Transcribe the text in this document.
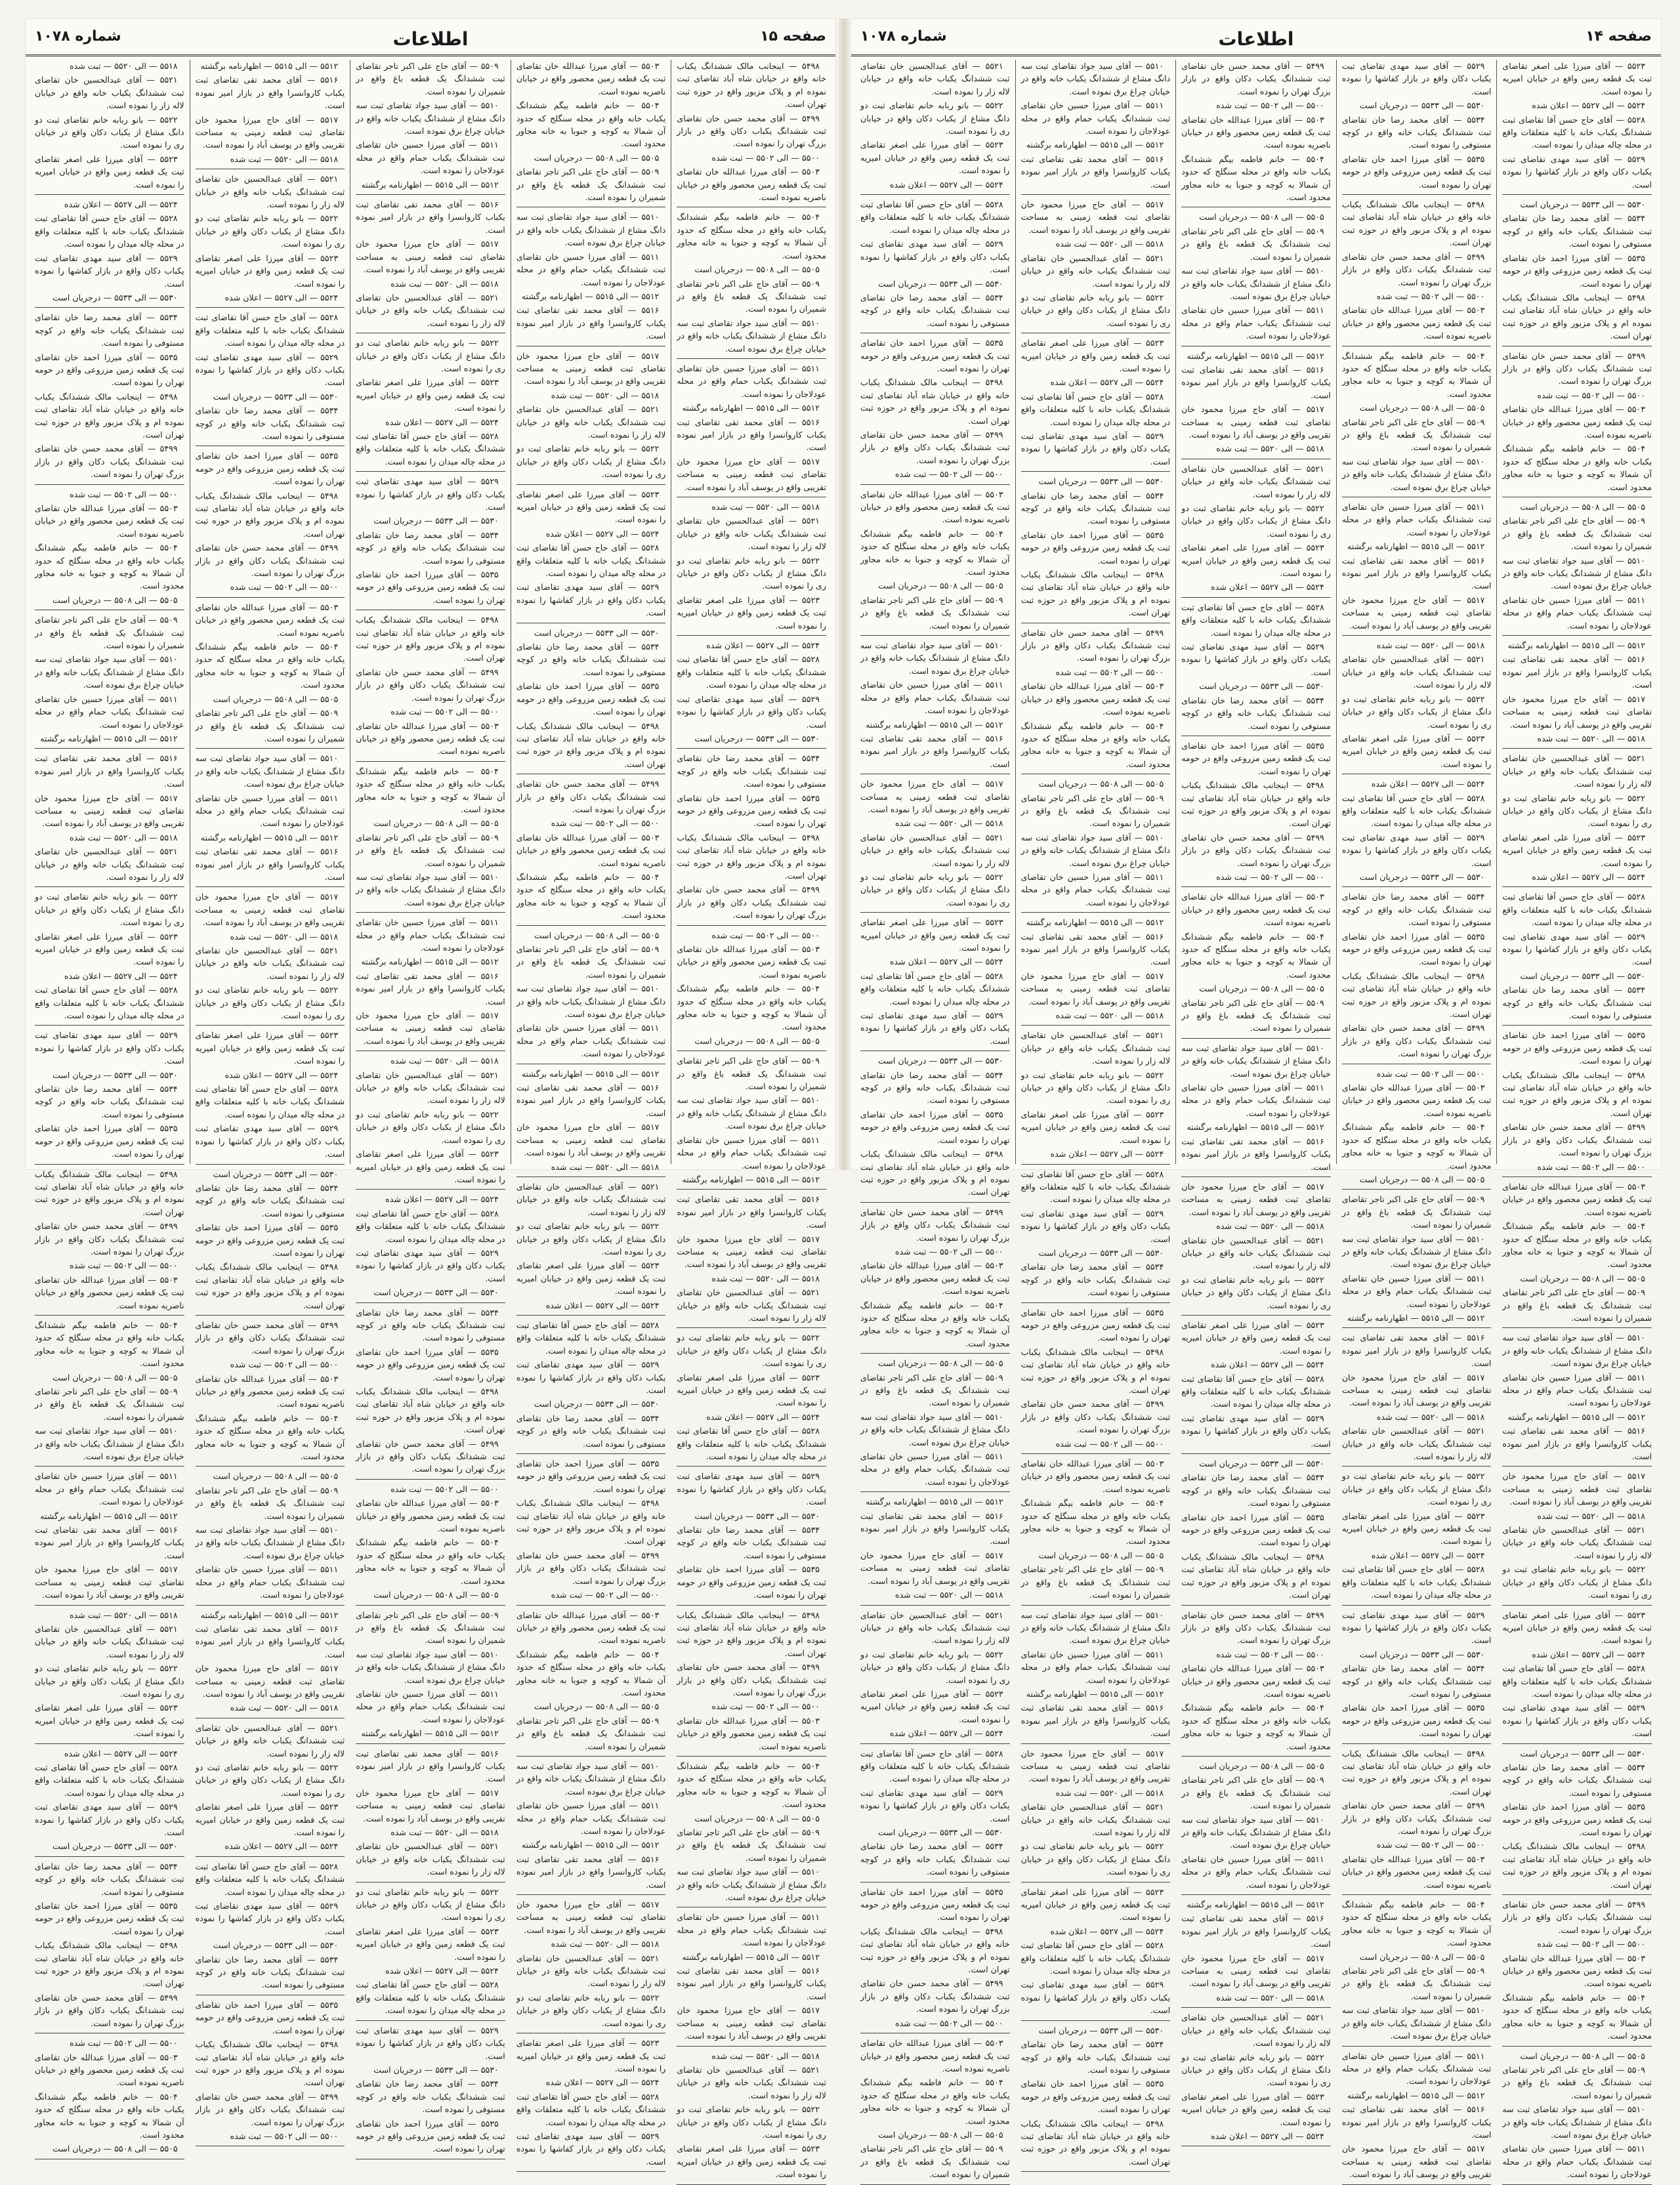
صفحه ۱۵
اطلاعات
شماره ۱۰۷۸

۵۴۹۸ — اینجانب مالک ششدانگ یکباب خانه واقع در خیابان شاه آباد تقاضای ثبت نموده ام و پلاک مزبور واقع در حوزه ثبت تهران است.

۵۴۹۹ — آقای محمد حسن خان تقاضای ثبت ششدانگ یکباب دکان واقع در بازار بزرگ تهران را نموده است.

۵۵۰۰ — الی ۵۵۰۲ — ثبت شده

۵۵۰۳ — آقای میرزا عبدالله خان تقاضای ثبت یک قطعه زمین محصور واقع در خیابان ناصریه نموده است.

۵۵۰۴ — خانم فاطمه بیگم ششدانگ یکباب خانه واقع در محله سنگلج که حدود آن شمالا به کوچه و جنوبا به خانه مجاور محدود است.

۵۵۰۵ — الی ۵۵۰۸ — درجریان است

۵۵۰۹ — آقای حاج علی اکبر تاجر تقاضای ثبت ششدانگ یک قطعه باغ واقع در شمیران را نموده است.

۵۵۱۰ — آقای سید جواد تقاضای ثبت سه دانگ مشاع از ششدانگ یکباب خانه واقع در خیابان چراغ برق نموده است.

۵۵۱۱ — آقای میرزا حسین خان تقاضای ثبت ششدانگ یکباب حمام واقع در محله عودلاجان را نموده است.

۵۵۱۲ — الی ۵۵۱۵ — اظهارنامه برگشته

۵۵۱۶ — آقای محمد تقی تقاضای ثبت یکباب کاروانسرا واقع در بازار امیر نموده است.

۵۵۱۷ — آقای حاج میرزا محمود خان تقاضای ثبت قطعه زمینی به مساحت تقریبی واقع در یوسف آباد را نموده است.

۵۵۱۸ — الی ۵۵۲۰ — ثبت شده

۵۵۲۱ — آقای عبدالحسین خان تقاضای ثبت ششدانگ یکباب خانه واقع در خیابان لاله زار را نموده است.

۵۵۲۲ — بانو ربابه خانم تقاضای ثبت دو دانگ مشاع از یکباب دکان واقع در خیابان ری را نموده است.

۵۵۲۳ — آقای میرزا علی اصغر تقاضای ثبت یک قطعه زمین واقع در خیابان امیریه را نموده است.

۵۵۲۴ — الی ۵۵۲۷ — اعلان شده

۵۵۲۸ — آقای حاج حسن آقا تقاضای ثبت ششدانگ یکباب خانه با کلیه متعلقات واقع در محله چاله میدان را نموده است.

۵۵۲۹ — آقای سید مهدی تقاضای ثبت یکباب دکان واقع در بازار کفاشها را نموده است.

۵۵۳۰ — الی ۵۵۳۳ — درجریان است

۵۵۳۴ — آقای محمد رضا خان تقاضای ثبت ششدانگ یکباب خانه واقع در کوچه مستوفی را نموده است.

۵۵۳۵ — آقای میرزا احمد خان تقاضای ثبت یک قطعه زمین مزروعی واقع در حومه تهران را نموده است.

۵۴۹۸ — اینجانب مالک ششدانگ یکباب خانه واقع در خیابان شاه آباد تقاضای ثبت نموده ام و پلاک مزبور واقع در حوزه ثبت تهران است.

۵۴۹۹ — آقای محمد حسن خان تقاضای ثبت ششدانگ یکباب دکان واقع در بازار بزرگ تهران را نموده است.

۵۵۰۰ — الی ۵۵۰۲ — ثبت شده

۵۵۰۳ — آقای میرزا عبدالله خان تقاضای ثبت یک قطعه زمین محصور واقع در خیابان ناصریه نموده است.

۵۵۰۴ — خانم فاطمه بیگم ششدانگ یکباب خانه واقع در محله سنگلج که حدود آن شمالا به کوچه و جنوبا به خانه مجاور محدود است.

۵۵۰۵ — الی ۵۵۰۸ — درجریان است

۵۵۰۹ — آقای حاج علی اکبر تاجر تقاضای ثبت ششدانگ یک قطعه باغ واقع در شمیران را نموده است.

۵۵۱۰ — آقای سید جواد تقاضای ثبت سه دانگ مشاع از ششدانگ یکباب خانه واقع در خیابان چراغ برق نموده است.

۵۵۱۱ — آقای میرزا حسین خان تقاضای ثبت ششدانگ یکباب حمام واقع در محله عودلاجان را نموده است.

۵۵۱۲ — الی ۵۵۱۵ — اظهارنامه برگشته

۵۵۱۶ — آقای محمد تقی تقاضای ثبت یکباب کاروانسرا واقع در بازار امیر نموده است.

۵۵۱۷ — آقای حاج میرزا محمود خان تقاضای ثبت قطعه زمینی به مساحت تقریبی واقع در یوسف آباد را نموده است.

۵۵۱۸ — الی ۵۵۲۰ — ثبت شده

۵۵۲۱ — آقای عبدالحسین خان تقاضای ثبت ششدانگ یکباب خانه واقع در خیابان لاله زار را نموده است.

۵۵۲۲ — بانو ربابه خانم تقاضای ثبت دو دانگ مشاع از یکباب دکان واقع در خیابان ری را نموده است.

۵۵۲۳ — آقای میرزا علی اصغر تقاضای ثبت یک قطعه زمین واقع در خیابان امیریه را نموده است.

۵۵۲۴ — الی ۵۵۲۷ — اعلان شده

۵۵۲۸ — آقای حاج حسن آقا تقاضای ثبت ششدانگ یکباب خانه با کلیه متعلقات واقع در محله چاله میدان را نموده است.

۵۵۲۹ — آقای سید مهدی تقاضای ثبت یکباب دکان واقع در بازار کفاشها را نموده است.

۵۵۳۰ — الی ۵۵۳۳ — درجریان است

۵۵۳۴ — آقای محمد رضا خان تقاضای ثبت ششدانگ یکباب خانه واقع در کوچه مستوفی را نموده است.

۵۵۳۵ — آقای میرزا احمد خان تقاضای ثبت یک قطعه زمین مزروعی واقع در حومه تهران را نموده است.

۵۴۹۸ — اینجانب مالک ششدانگ یکباب خانه واقع در خیابان شاه آباد تقاضای ثبت نموده ام و پلاک مزبور واقع در حوزه ثبت تهران است.

۵۴۹۹ — آقای محمد حسن خان تقاضای ثبت ششدانگ یکباب دکان واقع در بازار بزرگ تهران را نموده است.

۵۵۰۰ — الی ۵۵۰۲ — ثبت شده

۵۵۰۳ — آقای میرزا عبدالله خان تقاضای ثبت یک قطعه زمین محصور واقع در خیابان ناصریه نموده است.

۵۵۰۴ — خانم فاطمه بیگم ششدانگ یکباب خانه واقع در محله سنگلج که حدود آن شمالا به کوچه و جنوبا به خانه مجاور محدود است.

۵۵۰۵ — الی ۵۵۰۸ — درجریان است

۵۵۰۹ — آقای حاج علی اکبر تاجر تقاضای ثبت ششدانگ یک قطعه باغ واقع در شمیران را نموده است.

۵۵۱۰ — آقای سید جواد تقاضای ثبت سه دانگ مشاع از ششدانگ یکباب خانه واقع در خیابان چراغ برق نموده است.

۵۵۱۱ — آقای میرزا حسین خان تقاضای ثبت ششدانگ یکباب حمام واقع در محله عودلاجان را نموده است.

۵۵۱۲ — الی ۵۵۱۵ — اظهارنامه برگشته

۵۵۱۶ — آقای محمد تقی تقاضای ثبت یکباب کاروانسرا واقع در بازار امیر نموده است.

۵۵۱۷ — آقای حاج میرزا محمود خان تقاضای ثبت قطعه زمینی به مساحت تقریبی واقع در یوسف آباد را نموده است.

۵۵۱۸ — الی ۵۵۲۰ — ثبت شده

۵۵۲۱ — آقای عبدالحسین خان تقاضای ثبت ششدانگ یکباب خانه واقع در خیابان لاله زار را نموده است.

۵۵۲۲ — بانو ربابه خانم تقاضای ثبت دو دانگ مشاع از یکباب دکان واقع در خیابان ری را نموده است.

۵۵۲۳ — آقای میرزا علی اصغر تقاضای ثبت یک قطعه زمین واقع در خیابان امیریه را نموده است.

۵۵۰۳ — آقای میرزا عبدالله خان تقاضای ثبت یک قطعه زمین محصور واقع در خیابان ناصریه نموده است.

۵۵۰۴ — خانم فاطمه بیگم ششدانگ یکباب خانه واقع در محله سنگلج که حدود آن شمالا به کوچه و جنوبا به خانه مجاور محدود است.

۵۵۰۵ — الی ۵۵۰۸ — درجریان است

۵۵۰۹ — آقای حاج علی اکبر تاجر تقاضای ثبت ششدانگ یک قطعه باغ واقع در شمیران را نموده است.

۵۵۱۰ — آقای سید جواد تقاضای ثبت سه دانگ مشاع از ششدانگ یکباب خانه واقع در خیابان چراغ برق نموده است.

۵۵۱۱ — آقای میرزا حسین خان تقاضای ثبت ششدانگ یکباب حمام واقع در محله عودلاجان را نموده است.

۵۵۱۲ — الی ۵۵۱۵ — اظهارنامه برگشته

۵۵۱۶ — آقای محمد تقی تقاضای ثبت یکباب کاروانسرا واقع در بازار امیر نموده است.

۵۵۱۷ — آقای حاج میرزا محمود خان تقاضای ثبت قطعه زمینی به مساحت تقریبی واقع در یوسف آباد را نموده است.

۵۵۱۸ — الی ۵۵۲۰ — ثبت شده

۵۵۲۱ — آقای عبدالحسین خان تقاضای ثبت ششدانگ یکباب خانه واقع در خیابان لاله زار را نموده است.

۵۵۲۲ — بانو ربابه خانم تقاضای ثبت دو دانگ مشاع از یکباب دکان واقع در خیابان ری را نموده است.

۵۵۲۳ — آقای میرزا علی اصغر تقاضای ثبت یک قطعه زمین واقع در خیابان امیریه را نموده است.

۵۵۲۴ — الی ۵۵۲۷ — اعلان شده

۵۵۲۸ — آقای حاج حسن آقا تقاضای ثبت ششدانگ یکباب خانه با کلیه متعلقات واقع در محله چاله میدان را نموده است.

۵۵۲۹ — آقای سید مهدی تقاضای ثبت یکباب دکان واقع در بازار کفاشها را نموده است.

۵۵۳۰ — الی ۵۵۳۳ — درجریان است

۵۵۳۴ — آقای محمد رضا خان تقاضای ثبت ششدانگ یکباب خانه واقع در کوچه مستوفی را نموده است.

۵۵۳۵ — آقای میرزا احمد خان تقاضای ثبت یک قطعه زمین مزروعی واقع در حومه تهران را نموده است.

۵۴۹۸ — اینجانب مالک ششدانگ یکباب خانه واقع در خیابان شاه آباد تقاضای ثبت نموده ام و پلاک مزبور واقع در حوزه ثبت تهران است.

۵۴۹۹ — آقای محمد حسن خان تقاضای ثبت ششدانگ یکباب دکان واقع در بازار بزرگ تهران را نموده است.

۵۵۰۰ — الی ۵۵۰۲ — ثبت شده

۵۵۰۳ — آقای میرزا عبدالله خان تقاضای ثبت یک قطعه زمین محصور واقع در خیابان ناصریه نموده است.

۵۵۰۴ — خانم فاطمه بیگم ششدانگ یکباب خانه واقع در محله سنگلج که حدود آن شمالا به کوچه و جنوبا به خانه مجاور محدود است.

۵۵۰۵ — الی ۵۵۰۸ — درجریان است

۵۵۰۹ — آقای حاج علی اکبر تاجر تقاضای ثبت ششدانگ یک قطعه باغ واقع در شمیران را نموده است.

۵۵۱۰ — آقای سید جواد تقاضای ثبت سه دانگ مشاع از ششدانگ یکباب خانه واقع در خیابان چراغ برق نموده است.

۵۵۱۱ — آقای میرزا حسین خان تقاضای ثبت ششدانگ یکباب حمام واقع در محله عودلاجان را نموده است.

۵۵۱۲ — الی ۵۵۱۵ — اظهارنامه برگشته

۵۵۱۶ — آقای محمد تقی تقاضای ثبت یکباب کاروانسرا واقع در بازار امیر نموده است.

۵۵۱۷ — آقای حاج میرزا محمود خان تقاضای ثبت قطعه زمینی به مساحت تقریبی واقع در یوسف آباد را نموده است.

۵۵۱۸ — الی ۵۵۲۰ — ثبت شده

۵۵۲۱ — آقای عبدالحسین خان تقاضای ثبت ششدانگ یکباب خانه واقع در خیابان لاله زار را نموده است.

۵۵۲۲ — بانو ربابه خانم تقاضای ثبت دو دانگ مشاع از یکباب دکان واقع در خیابان ری را نموده است.

۵۵۲۳ — آقای میرزا علی اصغر تقاضای ثبت یک قطعه زمین واقع در خیابان امیریه را نموده است.

۵۵۲۴ — الی ۵۵۲۷ — اعلان شده

۵۵۲۸ — آقای حاج حسن آقا تقاضای ثبت ششدانگ یکباب خانه با کلیه متعلقات واقع در محله چاله میدان را نموده است.

۵۵۲۹ — آقای سید مهدی تقاضای ثبت یکباب دکان واقع در بازار کفاشها را نموده است.

۵۵۳۰ — الی ۵۵۳۳ — درجریان است

۵۵۳۴ — آقای محمد رضا خان تقاضای ثبت ششدانگ یکباب خانه واقع در کوچه مستوفی را نموده است.

۵۵۳۵ — آقای میرزا احمد خان تقاضای ثبت یک قطعه زمین مزروعی واقع در حومه تهران را نموده است.

۵۴۹۸ — اینجانب مالک ششدانگ یکباب خانه واقع در خیابان شاه آباد تقاضای ثبت نموده ام و پلاک مزبور واقع در حوزه ثبت تهران است.

۵۴۹۹ — آقای محمد حسن خان تقاضای ثبت ششدانگ یکباب دکان واقع در بازار بزرگ تهران را نموده است.

۵۵۰۰ — الی ۵۵۰۲ — ثبت شده

۵۵۰۳ — آقای میرزا عبدالله خان تقاضای ثبت یک قطعه زمین محصور واقع در خیابان ناصریه نموده است.

۵۵۰۴ — خانم فاطمه بیگم ششدانگ یکباب خانه واقع در محله سنگلج که حدود آن شمالا به کوچه و جنوبا به خانه مجاور محدود است.

۵۵۰۵ — الی ۵۵۰۸ — درجریان است

۵۵۰۹ — آقای حاج علی اکبر تاجر تقاضای ثبت ششدانگ یک قطعه باغ واقع در شمیران را نموده است.

۵۵۱۰ — آقای سید جواد تقاضای ثبت سه دانگ مشاع از ششدانگ یکباب خانه واقع در خیابان چراغ برق نموده است.

۵۵۱۱ — آقای میرزا حسین خان تقاضای ثبت ششدانگ یکباب حمام واقع در محله عودلاجان را نموده است.

۵۵۱۲ — الی ۵۵۱۵ — اظهارنامه برگشته

۵۵۱۶ — آقای محمد تقی تقاضای ثبت یکباب کاروانسرا واقع در بازار امیر نموده است.

۵۵۱۷ — آقای حاج میرزا محمود خان تقاضای ثبت قطعه زمینی به مساحت تقریبی واقع در یوسف آباد را نموده است.

۵۵۱۸ — الی ۵۵۲۰ — ثبت شده

۵۵۲۱ — آقای عبدالحسین خان تقاضای ثبت ششدانگ یکباب خانه واقع در خیابان لاله زار را نموده است.

۵۵۲۲ — بانو ربابه خانم تقاضای ثبت دو دانگ مشاع از یکباب دکان واقع در خیابان ری را نموده است.

۵۵۲۳ — آقای میرزا علی اصغر تقاضای ثبت یک قطعه زمین واقع در خیابان امیریه را نموده است.

۵۵۲۴ — الی ۵۵۲۷ — اعلان شده

۵۵۲۸ — آقای حاج حسن آقا تقاضای ثبت ششدانگ یکباب خانه با کلیه متعلقات واقع در محله چاله میدان را نموده است.

۵۵۲۹ — آقای سید مهدی تقاضای ثبت یکباب دکان واقع در بازار کفاشها را نموده است.

۵۵۰۹ — آقای حاج علی اکبر تاجر تقاضای ثبت ششدانگ یک قطعه باغ واقع در شمیران را نموده است.

۵۵۱۰ — آقای سید جواد تقاضای ثبت سه دانگ مشاع از ششدانگ یکباب خانه واقع در خیابان چراغ برق نموده است.

۵۵۱۱ — آقای میرزا حسین خان تقاضای ثبت ششدانگ یکباب حمام واقع در محله عودلاجان را نموده است.

۵۵۱۲ — الی ۵۵۱۵ — اظهارنامه برگشته

۵۵۱۶ — آقای محمد تقی تقاضای ثبت یکباب کاروانسرا واقع در بازار امیر نموده است.

۵۵۱۷ — آقای حاج میرزا محمود خان تقاضای ثبت قطعه زمینی به مساحت تقریبی واقع در یوسف آباد را نموده است.

۵۵۱۸ — الی ۵۵۲۰ — ثبت شده

۵۵۲۱ — آقای عبدالحسین خان تقاضای ثبت ششدانگ یکباب خانه واقع در خیابان لاله زار را نموده است.

۵۵۲۲ — بانو ربابه خانم تقاضای ثبت دو دانگ مشاع از یکباب دکان واقع در خیابان ری را نموده است.

۵۵۲۳ — آقای میرزا علی اصغر تقاضای ثبت یک قطعه زمین واقع در خیابان امیریه را نموده است.

۵۵۲۴ — الی ۵۵۲۷ — اعلان شده

۵۵۲۸ — آقای حاج حسن آقا تقاضای ثبت ششدانگ یکباب خانه با کلیه متعلقات واقع در محله چاله میدان را نموده است.

۵۵۲۹ — آقای سید مهدی تقاضای ثبت یکباب دکان واقع در بازار کفاشها را نموده است.

۵۵۳۰ — الی ۵۵۳۳ — درجریان است

۵۵۳۴ — آقای محمد رضا خان تقاضای ثبت ششدانگ یکباب خانه واقع در کوچه مستوفی را نموده است.

۵۵۳۵ — آقای میرزا احمد خان تقاضای ثبت یک قطعه زمین مزروعی واقع در حومه تهران را نموده است.

۵۴۹۸ — اینجانب مالک ششدانگ یکباب خانه واقع در خیابان شاه آباد تقاضای ثبت نموده ام و پلاک مزبور واقع در حوزه ثبت تهران است.

۵۴۹۹ — آقای محمد حسن خان تقاضای ثبت ششدانگ یکباب دکان واقع در بازار بزرگ تهران را نموده است.

۵۵۰۰ — الی ۵۵۰۲ — ثبت شده

۵۵۰۳ — آقای میرزا عبدالله خان تقاضای ثبت یک قطعه زمین محصور واقع در خیابان ناصریه نموده است.

۵۵۰۴ — خانم فاطمه بیگم ششدانگ یکباب خانه واقع در محله سنگلج که حدود آن شمالا به کوچه و جنوبا به خانه مجاور محدود است.

۵۵۰۵ — الی ۵۵۰۸ — درجریان است

۵۵۰۹ — آقای حاج علی اکبر تاجر تقاضای ثبت ششدانگ یک قطعه باغ واقع در شمیران را نموده است.

۵۵۱۰ — آقای سید جواد تقاضای ثبت سه دانگ مشاع از ششدانگ یکباب خانه واقع در خیابان چراغ برق نموده است.

۵۵۱۱ — آقای میرزا حسین خان تقاضای ثبت ششدانگ یکباب حمام واقع در محله عودلاجان را نموده است.

۵۵۱۲ — الی ۵۵۱۵ — اظهارنامه برگشته

۵۵۱۶ — آقای محمد تقی تقاضای ثبت یکباب کاروانسرا واقع در بازار امیر نموده است.

۵۵۱۷ — آقای حاج میرزا محمود خان تقاضای ثبت قطعه زمینی به مساحت تقریبی واقع در یوسف آباد را نموده است.

۵۵۱۸ — الی ۵۵۲۰ — ثبت شده

۵۵۲۱ — آقای عبدالحسین خان تقاضای ثبت ششدانگ یکباب خانه واقع در خیابان لاله زار را نموده است.

۵۵۲۲ — بانو ربابه خانم تقاضای ثبت دو دانگ مشاع از یکباب دکان واقع در خیابان ری را نموده است.

۵۵۲۳ — آقای میرزا علی اصغر تقاضای ثبت یک قطعه زمین واقع در خیابان امیریه را نموده است.

۵۵۲۴ — الی ۵۵۲۷ — اعلان شده

۵۵۲۸ — آقای حاج حسن آقا تقاضای ثبت ششدانگ یکباب خانه با کلیه متعلقات واقع در محله چاله میدان را نموده است.

۵۵۲۹ — آقای سید مهدی تقاضای ثبت یکباب دکان واقع در بازار کفاشها را نموده است.

۵۵۳۰ — الی ۵۵۳۳ — درجریان است

۵۵۳۴ — آقای محمد رضا خان تقاضای ثبت ششدانگ یکباب خانه واقع در کوچه مستوفی را نموده است.

۵۵۳۵ — آقای میرزا احمد خان تقاضای ثبت یک قطعه زمین مزروعی واقع در حومه تهران را نموده است.

۵۴۹۸ — اینجانب مالک ششدانگ یکباب خانه واقع در خیابان شاه آباد تقاضای ثبت نموده ام و پلاک مزبور واقع در حوزه ثبت تهران است.

۵۴۹۹ — آقای محمد حسن خان تقاضای ثبت ششدانگ یکباب دکان واقع در بازار بزرگ تهران را نموده است.

۵۵۰۰ — الی ۵۵۰۲ — ثبت شده

۵۵۰۳ — آقای میرزا عبدالله خان تقاضای ثبت یک قطعه زمین محصور واقع در خیابان ناصریه نموده است.

۵۵۰۴ — خانم فاطمه بیگم ششدانگ یکباب خانه واقع در محله سنگلج که حدود آن شمالا به کوچه و جنوبا به خانه مجاور محدود است.

۵۵۰۵ — الی ۵۵۰۸ — درجریان است

۵۵۰۹ — آقای حاج علی اکبر تاجر تقاضای ثبت ششدانگ یک قطعه باغ واقع در شمیران را نموده است.

۵۵۱۰ — آقای سید جواد تقاضای ثبت سه دانگ مشاع از ششدانگ یکباب خانه واقع در خیابان چراغ برق نموده است.

۵۵۱۱ — آقای میرزا حسین خان تقاضای ثبت ششدانگ یکباب حمام واقع در محله عودلاجان را نموده است.

۵۵۱۲ — الی ۵۵۱۵ — اظهارنامه برگشته

۵۵۱۶ — آقای محمد تقی تقاضای ثبت یکباب کاروانسرا واقع در بازار امیر نموده است.

۵۵۱۷ — آقای حاج میرزا محمود خان تقاضای ثبت قطعه زمینی به مساحت تقریبی واقع در یوسف آباد را نموده است.

۵۵۱۸ — الی ۵۵۲۰ — ثبت شده

۵۵۲۱ — آقای عبدالحسین خان تقاضای ثبت ششدانگ یکباب خانه واقع در خیابان لاله زار را نموده است.

۵۵۲۲ — بانو ربابه خانم تقاضای ثبت دو دانگ مشاع از یکباب دکان واقع در خیابان ری را نموده است.

۵۵۲۳ — آقای میرزا علی اصغر تقاضای ثبت یک قطعه زمین واقع در خیابان امیریه را نموده است.

۵۵۲۴ — الی ۵۵۲۷ — اعلان شده

۵۵۲۸ — آقای حاج حسن آقا تقاضای ثبت ششدانگ یکباب خانه با کلیه متعلقات واقع در محله چاله میدان را نموده است.

۵۵۲۹ — آقای سید مهدی تقاضای ثبت یکباب دکان واقع در بازار کفاشها را نموده است.

۵۵۳۰ — الی ۵۵۳۳ — درجریان است

۵۵۳۴ — آقای محمد رضا خان تقاضای ثبت ششدانگ یکباب خانه واقع در کوچه مستوفی را نموده است.

۵۵۳۵ — آقای میرزا احمد خان تقاضای ثبت یک قطعه زمین مزروعی واقع در حومه تهران را نموده است.

۵۵۱۲ — الی ۵۵۱۵ — اظهارنامه برگشته

۵۵۱۶ — آقای محمد تقی تقاضای ثبت یکباب کاروانسرا واقع در بازار امیر نموده است.

۵۵۱۷ — آقای حاج میرزا محمود خان تقاضای ثبت قطعه زمینی به مساحت تقریبی واقع در یوسف آباد را نموده است.

۵۵۱۸ — الی ۵۵۲۰ — ثبت شده

۵۵۲۱ — آقای عبدالحسین خان تقاضای ثبت ششدانگ یکباب خانه واقع در خیابان لاله زار را نموده است.

۵۵۲۲ — بانو ربابه خانم تقاضای ثبت دو دانگ مشاع از یکباب دکان واقع در خیابان ری را نموده است.

۵۵۲۳ — آقای میرزا علی اصغر تقاضای ثبت یک قطعه زمین واقع در خیابان امیریه را نموده است.

۵۵۲۴ — الی ۵۵۲۷ — اعلان شده

۵۵۲۸ — آقای حاج حسن آقا تقاضای ثبت ششدانگ یکباب خانه با کلیه متعلقات واقع در محله چاله میدان را نموده است.

۵۵۲۹ — آقای سید مهدی تقاضای ثبت یکباب دکان واقع در بازار کفاشها را نموده است.

۵۵۳۰ — الی ۵۵۳۳ — درجریان است

۵۵۳۴ — آقای محمد رضا خان تقاضای ثبت ششدانگ یکباب خانه واقع در کوچه مستوفی را نموده است.

۵۵۳۵ — آقای میرزا احمد خان تقاضای ثبت یک قطعه زمین مزروعی واقع در حومه تهران را نموده است.

۵۴۹۸ — اینجانب مالک ششدانگ یکباب خانه واقع در خیابان شاه آباد تقاضای ثبت نموده ام و پلاک مزبور واقع در حوزه ثبت تهران است.

۵۴۹۹ — آقای محمد حسن خان تقاضای ثبت ششدانگ یکباب دکان واقع در بازار بزرگ تهران را نموده است.

۵۵۰۰ — الی ۵۵۰۲ — ثبت شده

۵۵۰۳ — آقای میرزا عبدالله خان تقاضای ثبت یک قطعه زمین محصور واقع در خیابان ناصریه نموده است.

۵۵۰۴ — خانم فاطمه بیگم ششدانگ یکباب خانه واقع در محله سنگلج که حدود آن شمالا به کوچه و جنوبا به خانه مجاور محدود است.

۵۵۰۵ — الی ۵۵۰۸ — درجریان است

۵۵۰۹ — آقای حاج علی اکبر تاجر تقاضای ثبت ششدانگ یک قطعه باغ واقع در شمیران را نموده است.

۵۵۱۰ — آقای سید جواد تقاضای ثبت سه دانگ مشاع از ششدانگ یکباب خانه واقع در خیابان چراغ برق نموده است.

۵۵۱۱ — آقای میرزا حسین خان تقاضای ثبت ششدانگ یکباب حمام واقع در محله عودلاجان را نموده است.

۵۵۱۲ — الی ۵۵۱۵ — اظهارنامه برگشته

۵۵۱۶ — آقای محمد تقی تقاضای ثبت یکباب کاروانسرا واقع در بازار امیر نموده است.

۵۵۱۷ — آقای حاج میرزا محمود خان تقاضای ثبت قطعه زمینی به مساحت تقریبی واقع در یوسف آباد را نموده است.

۵۵۱۸ — الی ۵۵۲۰ — ثبت شده

۵۵۲۱ — آقای عبدالحسین خان تقاضای ثبت ششدانگ یکباب خانه واقع در خیابان لاله زار را نموده است.

۵۵۲۲ — بانو ربابه خانم تقاضای ثبت دو دانگ مشاع از یکباب دکان واقع در خیابان ری را نموده است.

۵۵۲۳ — آقای میرزا علی اصغر تقاضای ثبت یک قطعه زمین واقع در خیابان امیریه را نموده است.

۵۵۲۴ — الی ۵۵۲۷ — اعلان شده

۵۵۲۸ — آقای حاج حسن آقا تقاضای ثبت ششدانگ یکباب خانه با کلیه متعلقات واقع در محله چاله میدان را نموده است.

۵۵۲۹ — آقای سید مهدی تقاضای ثبت یکباب دکان واقع در بازار کفاشها را نموده است.

۵۵۳۰ — الی ۵۵۳۳ — درجریان است

۵۵۳۴ — آقای محمد رضا خان تقاضای ثبت ششدانگ یکباب خانه واقع در کوچه مستوفی را نموده است.

۵۵۳۵ — آقای میرزا احمد خان تقاضای ثبت یک قطعه زمین مزروعی واقع در حومه تهران را نموده است.

۵۴۹۸ — اینجانب مالک ششدانگ یکباب خانه واقع در خیابان شاه آباد تقاضای ثبت نموده ام و پلاک مزبور واقع در حوزه ثبت تهران است.

۵۴۹۹ — آقای محمد حسن خان تقاضای ثبت ششدانگ یکباب دکان واقع در بازار بزرگ تهران را نموده است.

۵۵۰۰ — الی ۵۵۰۲ — ثبت شده

۵۵۰۳ — آقای میرزا عبدالله خان تقاضای ثبت یک قطعه زمین محصور واقع در خیابان ناصریه نموده است.

۵۵۰۴ — خانم فاطمه بیگم ششدانگ یکباب خانه واقع در محله سنگلج که حدود آن شمالا به کوچه و جنوبا به خانه مجاور محدود است.

۵۵۰۵ — الی ۵۵۰۸ — درجریان است

۵۵۰۹ — آقای حاج علی اکبر تاجر تقاضای ثبت ششدانگ یک قطعه باغ واقع در شمیران را نموده است.

۵۵۱۰ — آقای سید جواد تقاضای ثبت سه دانگ مشاع از ششدانگ یکباب خانه واقع در خیابان چراغ برق نموده است.

۵۵۱۱ — آقای میرزا حسین خان تقاضای ثبت ششدانگ یکباب حمام واقع در محله عودلاجان را نموده است.

۵۵۱۲ — الی ۵۵۱۵ — اظهارنامه برگشته

۵۵۱۶ — آقای محمد تقی تقاضای ثبت یکباب کاروانسرا واقع در بازار امیر نموده است.

۵۵۱۷ — آقای حاج میرزا محمود خان تقاضای ثبت قطعه زمینی به مساحت تقریبی واقع در یوسف آباد را نموده است.

۵۵۱۸ — الی ۵۵۲۰ — ثبت شده

۵۵۲۱ — آقای عبدالحسین خان تقاضای ثبت ششدانگ یکباب خانه واقع در خیابان لاله زار را نموده است.

۵۵۲۲ — بانو ربابه خانم تقاضای ثبت دو دانگ مشاع از یکباب دکان واقع در خیابان ری را نموده است.

۵۵۲۳ — آقای میرزا علی اصغر تقاضای ثبت یک قطعه زمین واقع در خیابان امیریه را نموده است.

۵۵۲۴ — الی ۵۵۲۷ — اعلان شده

۵۵۲۸ — آقای حاج حسن آقا تقاضای ثبت ششدانگ یکباب خانه با کلیه متعلقات واقع در محله چاله میدان را نموده است.

۵۵۲۹ — آقای سید مهدی تقاضای ثبت یکباب دکان واقع در بازار کفاشها را نموده است.

۵۵۳۰ — الی ۵۵۳۳ — درجریان است

۵۵۳۴ — آقای محمد رضا خان تقاضای ثبت ششدانگ یکباب خانه واقع در کوچه مستوفی را نموده است.

۵۵۳۵ — آقای میرزا احمد خان تقاضای ثبت یک قطعه زمین مزروعی واقع در حومه تهران را نموده است.

۵۴۹۸ — اینجانب مالک ششدانگ یکباب خانه واقع در خیابان شاه آباد تقاضای ثبت نموده ام و پلاک مزبور واقع در حوزه ثبت تهران است.

۵۴۹۹ — آقای محمد حسن خان تقاضای ثبت ششدانگ یکباب دکان واقع در بازار بزرگ تهران را نموده است.

۵۵۰۰ — الی ۵۵۰۲ — ثبت شده

۵۵۱۸ — الی ۵۵۲۰ — ثبت شده

۵۵۲۱ — آقای عبدالحسین خان تقاضای ثبت ششدانگ یکباب خانه واقع در خیابان لاله زار را نموده است.

۵۵۲۲ — بانو ربابه خانم تقاضای ثبت دو دانگ مشاع از یکباب دکان واقع در خیابان ری را نموده است.

۵۵۲۳ — آقای میرزا علی اصغر تقاضای ثبت یک قطعه زمین واقع در خیابان امیریه را نموده است.

۵۵۲۴ — الی ۵۵۲۷ — اعلان شده

۵۵۲۸ — آقای حاج حسن آقا تقاضای ثبت ششدانگ یکباب خانه با کلیه متعلقات واقع در محله چاله میدان را نموده است.

۵۵۲۹ — آقای سید مهدی تقاضای ثبت یکباب دکان واقع در بازار کفاشها را نموده است.

۵۵۳۰ — الی ۵۵۳۳ — درجریان است

۵۵۳۴ — آقای محمد رضا خان تقاضای ثبت ششدانگ یکباب خانه واقع در کوچه مستوفی را نموده است.

۵۵۳۵ — آقای میرزا احمد خان تقاضای ثبت یک قطعه زمین مزروعی واقع در حومه تهران را نموده است.

۵۴۹۸ — اینجانب مالک ششدانگ یکباب خانه واقع در خیابان شاه آباد تقاضای ثبت نموده ام و پلاک مزبور واقع در حوزه ثبت تهران است.

۵۴۹۹ — آقای محمد حسن خان تقاضای ثبت ششدانگ یکباب دکان واقع در بازار بزرگ تهران را نموده است.

۵۵۰۰ — الی ۵۵۰۲ — ثبت شده

۵۵۰۳ — آقای میرزا عبدالله خان تقاضای ثبت یک قطعه زمین محصور واقع در خیابان ناصریه نموده است.

۵۵۰۴ — خانم فاطمه بیگم ششدانگ یکباب خانه واقع در محله سنگلج که حدود آن شمالا به کوچه و جنوبا به خانه مجاور محدود است.

۵۵۰۵ — الی ۵۵۰۸ — درجریان است

۵۵۰۹ — آقای حاج علی اکبر تاجر تقاضای ثبت ششدانگ یک قطعه باغ واقع در شمیران را نموده است.

۵۵۱۰ — آقای سید جواد تقاضای ثبت سه دانگ مشاع از ششدانگ یکباب خانه واقع در خیابان چراغ برق نموده است.

۵۵۱۱ — آقای میرزا حسین خان تقاضای ثبت ششدانگ یکباب حمام واقع در محله عودلاجان را نموده است.

۵۵۱۲ — الی ۵۵۱۵ — اظهارنامه برگشته

۵۵۱۶ — آقای محمد تقی تقاضای ثبت یکباب کاروانسرا واقع در بازار امیر نموده است.

۵۵۱۷ — آقای حاج میرزا محمود خان تقاضای ثبت قطعه زمینی به مساحت تقریبی واقع در یوسف آباد را نموده است.

۵۵۱۸ — الی ۵۵۲۰ — ثبت شده

۵۵۲۱ — آقای عبدالحسین خان تقاضای ثبت ششدانگ یکباب خانه واقع در خیابان لاله زار را نموده است.

۵۵۲۲ — بانو ربابه خانم تقاضای ثبت دو دانگ مشاع از یکباب دکان واقع در خیابان ری را نموده است.

۵۵۲۳ — آقای میرزا علی اصغر تقاضای ثبت یک قطعه زمین واقع در خیابان امیریه را نموده است.

۵۵۲۴ — الی ۵۵۲۷ — اعلان شده

۵۵۲۸ — آقای حاج حسن آقا تقاضای ثبت ششدانگ یکباب خانه با کلیه متعلقات واقع در محله چاله میدان را نموده است.

۵۵۲۹ — آقای سید مهدی تقاضای ثبت یکباب دکان واقع در بازار کفاشها را نموده است.

۵۵۳۰ — الی ۵۵۳۳ — درجریان است

۵۵۳۴ — آقای محمد رضا خان تقاضای ثبت ششدانگ یکباب خانه واقع در کوچه مستوفی را نموده است.

۵۵۳۵ — آقای میرزا احمد خان تقاضای ثبت یک قطعه زمین مزروعی واقع در حومه تهران را نموده است.

۵۴۹۸ — اینجانب مالک ششدانگ یکباب خانه واقع در خیابان شاه آباد تقاضای ثبت نموده ام و پلاک مزبور واقع در حوزه ثبت تهران است.

۵۴۹۹ — آقای محمد حسن خان تقاضای ثبت ششدانگ یکباب دکان واقع در بازار بزرگ تهران را نموده است.

۵۵۰۰ — الی ۵۵۰۲ — ثبت شده

۵۵۰۳ — آقای میرزا عبدالله خان تقاضای ثبت یک قطعه زمین محصور واقع در خیابان ناصریه نموده است.

۵۵۰۴ — خانم فاطمه بیگم ششدانگ یکباب خانه واقع در محله سنگلج که حدود آن شمالا به کوچه و جنوبا به خانه مجاور محدود است.

۵۵۰۵ — الی ۵۵۰۸ — درجریان است

۵۵۰۹ — آقای حاج علی اکبر تاجر تقاضای ثبت ششدانگ یک قطعه باغ واقع در شمیران را نموده است.

۵۵۱۰ — آقای سید جواد تقاضای ثبت سه دانگ مشاع از ششدانگ یکباب خانه واقع در خیابان چراغ برق نموده است.

۵۵۱۱ — آقای میرزا حسین خان تقاضای ثبت ششدانگ یکباب حمام واقع در محله عودلاجان را نموده است.

۵۵۱۲ — الی ۵۵۱۵ — اظهارنامه برگشته

۵۵۱۶ — آقای محمد تقی تقاضای ثبت یکباب کاروانسرا واقع در بازار امیر نموده است.

۵۵۱۷ — آقای حاج میرزا محمود خان تقاضای ثبت قطعه زمینی به مساحت تقریبی واقع در یوسف آباد را نموده است.

۵۵۱۸ — الی ۵۵۲۰ — ثبت شده

۵۵۲۱ — آقای عبدالحسین خان تقاضای ثبت ششدانگ یکباب خانه واقع در خیابان لاله زار را نموده است.

۵۵۲۲ — بانو ربابه خانم تقاضای ثبت دو دانگ مشاع از یکباب دکان واقع در خیابان ری را نموده است.

۵۵۲۳ — آقای میرزا علی اصغر تقاضای ثبت یک قطعه زمین واقع در خیابان امیریه را نموده است.

۵۵۲۴ — الی ۵۵۲۷ — اعلان شده

۵۵۲۸ — آقای حاج حسن آقا تقاضای ثبت ششدانگ یکباب خانه با کلیه متعلقات واقع در محله چاله میدان را نموده است.

۵۵۲۹ — آقای سید مهدی تقاضای ثبت یکباب دکان واقع در بازار کفاشها را نموده است.

۵۵۳۰ — الی ۵۵۳۳ — درجریان است

۵۵۳۴ — آقای محمد رضا خان تقاضای ثبت ششدانگ یکباب خانه واقع در کوچه مستوفی را نموده است.

۵۵۳۵ — آقای میرزا احمد خان تقاضای ثبت یک قطعه زمین مزروعی واقع در حومه تهران را نموده است.

۵۴۹۸ — اینجانب مالک ششدانگ یکباب خانه واقع در خیابان شاه آباد تقاضای ثبت نموده ام و پلاک مزبور واقع در حوزه ثبت تهران است.

۵۴۹۹ — آقای محمد حسن خان تقاضای ثبت ششدانگ یکباب دکان واقع در بازار بزرگ تهران را نموده است.

۵۵۰۰ — الی ۵۵۰۲ — ثبت شده

۵۵۰۳ — آقای میرزا عبدالله خان تقاضای ثبت یک قطعه زمین محصور واقع در خیابان ناصریه نموده است.

۵۵۰۴ — خانم فاطمه بیگم ششدانگ یکباب خانه واقع در محله سنگلج که حدود آن شمالا به کوچه و جنوبا به خانه مجاور محدود است.

۵۵۰۵ — الی ۵۵۰۸ — درجریان است

صفحه ۱۴
اطلاعات
شماره ۱۰۷۸

۵۵۲۳ — آقای میرزا علی اصغر تقاضای ثبت یک قطعه زمین واقع در خیابان امیریه را نموده است.

۵۵۲۴ — الی ۵۵۲۷ — اعلان شده

۵۵۲۸ — آقای حاج حسن آقا تقاضای ثبت ششدانگ یکباب خانه با کلیه متعلقات واقع در محله چاله میدان را نموده است.

۵۵۲۹ — آقای سید مهدی تقاضای ثبت یکباب دکان واقع در بازار کفاشها را نموده است.

۵۵۳۰ — الی ۵۵۳۳ — درجریان است

۵۵۳۴ — آقای محمد رضا خان تقاضای ثبت ششدانگ یکباب خانه واقع در کوچه مستوفی را نموده است.

۵۵۳۵ — آقای میرزا احمد خان تقاضای ثبت یک قطعه زمین مزروعی واقع در حومه تهران را نموده است.

۵۴۹۸ — اینجانب مالک ششدانگ یکباب خانه واقع در خیابان شاه آباد تقاضای ثبت نموده ام و پلاک مزبور واقع در حوزه ثبت تهران است.

۵۴۹۹ — آقای محمد حسن خان تقاضای ثبت ششدانگ یکباب دکان واقع در بازار بزرگ تهران را نموده است.

۵۵۰۰ — الی ۵۵۰۲ — ثبت شده

۵۵۰۳ — آقای میرزا عبدالله خان تقاضای ثبت یک قطعه زمین محصور واقع در خیابان ناصریه نموده است.

۵۵۰۴ — خانم فاطمه بیگم ششدانگ یکباب خانه واقع در محله سنگلج که حدود آن شمالا به کوچه و جنوبا به خانه مجاور محدود است.

۵۵۰۵ — الی ۵۵۰۸ — درجریان است

۵۵۰۹ — آقای حاج علی اکبر تاجر تقاضای ثبت ششدانگ یک قطعه باغ واقع در شمیران را نموده است.

۵۵۱۰ — آقای سید جواد تقاضای ثبت سه دانگ مشاع از ششدانگ یکباب خانه واقع در خیابان چراغ برق نموده است.

۵۵۱۱ — آقای میرزا حسین خان تقاضای ثبت ششدانگ یکباب حمام واقع در محله عودلاجان را نموده است.

۵۵۱۲ — الی ۵۵۱۵ — اظهارنامه برگشته

۵۵۱۶ — آقای محمد تقی تقاضای ثبت یکباب کاروانسرا واقع در بازار امیر نموده است.

۵۵۱۷ — آقای حاج میرزا محمود خان تقاضای ثبت قطعه زمینی به مساحت تقریبی واقع در یوسف آباد را نموده است.

۵۵۱۸ — الی ۵۵۲۰ — ثبت شده

۵۵۲۱ — آقای عبدالحسین خان تقاضای ثبت ششدانگ یکباب خانه واقع در خیابان لاله زار را نموده است.

۵۵۲۲ — بانو ربابه خانم تقاضای ثبت دو دانگ مشاع از یکباب دکان واقع در خیابان ری را نموده است.

۵۵۲۳ — آقای میرزا علی اصغر تقاضای ثبت یک قطعه زمین واقع در خیابان امیریه را نموده است.

۵۵۲۴ — الی ۵۵۲۷ — اعلان شده

۵۵۲۸ — آقای حاج حسن آقا تقاضای ثبت ششدانگ یکباب خانه با کلیه متعلقات واقع در محله چاله میدان را نموده است.

۵۵۲۹ — آقای سید مهدی تقاضای ثبت یکباب دکان واقع در بازار کفاشها را نموده است.

۵۵۳۰ — الی ۵۵۳۳ — درجریان است

۵۵۳۴ — آقای محمد رضا خان تقاضای ثبت ششدانگ یکباب خانه واقع در کوچه مستوفی را نموده است.

۵۵۳۵ — آقای میرزا احمد خان تقاضای ثبت یک قطعه زمین مزروعی واقع در حومه تهران را نموده است.

۵۴۹۸ — اینجانب مالک ششدانگ یکباب خانه واقع در خیابان شاه آباد تقاضای ثبت نموده ام و پلاک مزبور واقع در حوزه ثبت تهران است.

۵۴۹۹ — آقای محمد حسن خان تقاضای ثبت ششدانگ یکباب دکان واقع در بازار بزرگ تهران را نموده است.

۵۵۰۰ — الی ۵۵۰۲ — ثبت شده

۵۵۰۳ — آقای میرزا عبدالله خان تقاضای ثبت یک قطعه زمین محصور واقع در خیابان ناصریه نموده است.

۵۵۰۴ — خانم فاطمه بیگم ششدانگ یکباب خانه واقع در محله سنگلج که حدود آن شمالا به کوچه و جنوبا به خانه مجاور محدود است.

۵۵۰۵ — الی ۵۵۰۸ — درجریان است

۵۵۰۹ — آقای حاج علی اکبر تاجر تقاضای ثبت ششدانگ یک قطعه باغ واقع در شمیران را نموده است.

۵۵۱۰ — آقای سید جواد تقاضای ثبت سه دانگ مشاع از ششدانگ یکباب خانه واقع در خیابان چراغ برق نموده است.

۵۵۱۱ — آقای میرزا حسین خان تقاضای ثبت ششدانگ یکباب حمام واقع در محله عودلاجان را نموده است.

۵۵۱۲ — الی ۵۵۱۵ — اظهارنامه برگشته

۵۵۱۶ — آقای محمد تقی تقاضای ثبت یکباب کاروانسرا واقع در بازار امیر نموده است.

۵۵۱۷ — آقای حاج میرزا محمود خان تقاضای ثبت قطعه زمینی به مساحت تقریبی واقع در یوسف آباد را نموده است.

۵۵۱۸ — الی ۵۵۲۰ — ثبت شده

۵۵۲۱ — آقای عبدالحسین خان تقاضای ثبت ششدانگ یکباب خانه واقع در خیابان لاله زار را نموده است.

۵۵۲۲ — بانو ربابه خانم تقاضای ثبت دو دانگ مشاع از یکباب دکان واقع در خیابان ری را نموده است.

۵۵۲۳ — آقای میرزا علی اصغر تقاضای ثبت یک قطعه زمین واقع در خیابان امیریه را نموده است.

۵۵۲۴ — الی ۵۵۲۷ — اعلان شده

۵۵۲۸ — آقای حاج حسن آقا تقاضای ثبت ششدانگ یکباب خانه با کلیه متعلقات واقع در محله چاله میدان را نموده است.

۵۵۲۹ — آقای سید مهدی تقاضای ثبت یکباب دکان واقع در بازار کفاشها را نموده است.

۵۵۳۰ — الی ۵۵۳۳ — درجریان است

۵۵۳۴ — آقای محمد رضا خان تقاضای ثبت ششدانگ یکباب خانه واقع در کوچه مستوفی را نموده است.

۵۵۳۵ — آقای میرزا احمد خان تقاضای ثبت یک قطعه زمین مزروعی واقع در حومه تهران را نموده است.

۵۴۹۸ — اینجانب مالک ششدانگ یکباب خانه واقع در خیابان شاه آباد تقاضای ثبت نموده ام و پلاک مزبور واقع در حوزه ثبت تهران است.

۵۴۹۹ — آقای محمد حسن خان تقاضای ثبت ششدانگ یکباب دکان واقع در بازار بزرگ تهران را نموده است.

۵۵۰۰ — الی ۵۵۰۲ — ثبت شده

۵۵۰۳ — آقای میرزا عبدالله خان تقاضای ثبت یک قطعه زمین محصور واقع در خیابان ناصریه نموده است.

۵۵۰۴ — خانم فاطمه بیگم ششدانگ یکباب خانه واقع در محله سنگلج که حدود آن شمالا به کوچه و جنوبا به خانه مجاور محدود است.

۵۵۰۵ — الی ۵۵۰۸ — درجریان است

۵۵۰۹ — آقای حاج علی اکبر تاجر تقاضای ثبت ششدانگ یک قطعه باغ واقع در شمیران را نموده است.

۵۵۱۰ — آقای سید جواد تقاضای ثبت سه دانگ مشاع از ششدانگ یکباب خانه واقع در خیابان چراغ برق نموده است.

۵۵۱۱ — آقای میرزا حسین خان تقاضای ثبت ششدانگ یکباب حمام واقع در محله عودلاجان را نموده است.

۵۵۲۹ — آقای سید مهدی تقاضای ثبت یکباب دکان واقع در بازار کفاشها را نموده است.

۵۵۳۰ — الی ۵۵۳۳ — درجریان است

۵۵۳۴ — آقای محمد رضا خان تقاضای ثبت ششدانگ یکباب خانه واقع در کوچه مستوفی را نموده است.

۵۵۳۵ — آقای میرزا احمد خان تقاضای ثبت یک قطعه زمین مزروعی واقع در حومه تهران را نموده است.

۵۴۹۸ — اینجانب مالک ششدانگ یکباب خانه واقع در خیابان شاه آباد تقاضای ثبت نموده ام و پلاک مزبور واقع در حوزه ثبت تهران است.

۵۴۹۹ — آقای محمد حسن خان تقاضای ثبت ششدانگ یکباب دکان واقع در بازار بزرگ تهران را نموده است.

۵۵۰۰ — الی ۵۵۰۲ — ثبت شده

۵۵۰۳ — آقای میرزا عبدالله خان تقاضای ثبت یک قطعه زمین محصور واقع در خیابان ناصریه نموده است.

۵۵۰۴ — خانم فاطمه بیگم ششدانگ یکباب خانه واقع در محله سنگلج که حدود آن شمالا به کوچه و جنوبا به خانه مجاور محدود است.

۵۵۰۵ — الی ۵۵۰۸ — درجریان است

۵۵۰۹ — آقای حاج علی اکبر تاجر تقاضای ثبت ششدانگ یک قطعه باغ واقع در شمیران را نموده است.

۵۵۱۰ — آقای سید جواد تقاضای ثبت سه دانگ مشاع از ششدانگ یکباب خانه واقع در خیابان چراغ برق نموده است.

۵۵۱۱ — آقای میرزا حسین خان تقاضای ثبت ششدانگ یکباب حمام واقع در محله عودلاجان را نموده است.

۵۵۱۲ — الی ۵۵۱۵ — اظهارنامه برگشته

۵۵۱۶ — آقای محمد تقی تقاضای ثبت یکباب کاروانسرا واقع در بازار امیر نموده است.

۵۵۱۷ — آقای حاج میرزا محمود خان تقاضای ثبت قطعه زمینی به مساحت تقریبی واقع در یوسف آباد را نموده است.

۵۵۱۸ — الی ۵۵۲۰ — ثبت شده

۵۵۲۱ — آقای عبدالحسین خان تقاضای ثبت ششدانگ یکباب خانه واقع در خیابان لاله زار را نموده است.

۵۵۲۲ — بانو ربابه خانم تقاضای ثبت دو دانگ مشاع از یکباب دکان واقع در خیابان ری را نموده است.

۵۵۲۳ — آقای میرزا علی اصغر تقاضای ثبت یک قطعه زمین واقع در خیابان امیریه را نموده است.

۵۵۲۴ — الی ۵۵۲۷ — اعلان شده

۵۵۲۸ — آقای حاج حسن آقا تقاضای ثبت ششدانگ یکباب خانه با کلیه متعلقات واقع در محله چاله میدان را نموده است.

۵۵۲۹ — آقای سید مهدی تقاضای ثبت یکباب دکان واقع در بازار کفاشها را نموده است.

۵۵۳۰ — الی ۵۵۳۳ — درجریان است

۵۵۳۴ — آقای محمد رضا خان تقاضای ثبت ششدانگ یکباب خانه واقع در کوچه مستوفی را نموده است.

۵۵۳۵ — آقای میرزا احمد خان تقاضای ثبت یک قطعه زمین مزروعی واقع در حومه تهران را نموده است.

۵۴۹۸ — اینجانب مالک ششدانگ یکباب خانه واقع در خیابان شاه آباد تقاضای ثبت نموده ام و پلاک مزبور واقع در حوزه ثبت تهران است.

۵۴۹۹ — آقای محمد حسن خان تقاضای ثبت ششدانگ یکباب دکان واقع در بازار بزرگ تهران را نموده است.

۵۵۰۰ — الی ۵۵۰۲ — ثبت شده

۵۵۰۳ — آقای میرزا عبدالله خان تقاضای ثبت یک قطعه زمین محصور واقع در خیابان ناصریه نموده است.

۵۵۰۴ — خانم فاطمه بیگم ششدانگ یکباب خانه واقع در محله سنگلج که حدود آن شمالا به کوچه و جنوبا به خانه مجاور محدود است.

۵۵۰۵ — الی ۵۵۰۸ — درجریان است

۵۵۰۹ — آقای حاج علی اکبر تاجر تقاضای ثبت ششدانگ یک قطعه باغ واقع در شمیران را نموده است.

۵۵۱۰ — آقای سید جواد تقاضای ثبت سه دانگ مشاع از ششدانگ یکباب خانه واقع در خیابان چراغ برق نموده است.

۵۵۱۱ — آقای میرزا حسین خان تقاضای ثبت ششدانگ یکباب حمام واقع در محله عودلاجان را نموده است.

۵۵۱۲ — الی ۵۵۱۵ — اظهارنامه برگشته

۵۵۱۶ — آقای محمد تقی تقاضای ثبت یکباب کاروانسرا واقع در بازار امیر نموده است.

۵۵۱۷ — آقای حاج میرزا محمود خان تقاضای ثبت قطعه زمینی به مساحت تقریبی واقع در یوسف آباد را نموده است.

۵۵۱۸ — الی ۵۵۲۰ — ثبت شده

۵۵۲۱ — آقای عبدالحسین خان تقاضای ثبت ششدانگ یکباب خانه واقع در خیابان لاله زار را نموده است.

۵۵۲۲ — بانو ربابه خانم تقاضای ثبت دو دانگ مشاع از یکباب دکان واقع در خیابان ری را نموده است.

۵۵۲۳ — آقای میرزا علی اصغر تقاضای ثبت یک قطعه زمین واقع در خیابان امیریه را نموده است.

۵۵۲۴ — الی ۵۵۲۷ — اعلان شده

۵۵۲۸ — آقای حاج حسن آقا تقاضای ثبت ششدانگ یکباب خانه با کلیه متعلقات واقع در محله چاله میدان را نموده است.

۵۵۲۹ — آقای سید مهدی تقاضای ثبت یکباب دکان واقع در بازار کفاشها را نموده است.

۵۵۳۰ — الی ۵۵۳۳ — درجریان است

۵۵۳۴ — آقای محمد رضا خان تقاضای ثبت ششدانگ یکباب خانه واقع در کوچه مستوفی را نموده است.

۵۵۳۵ — آقای میرزا احمد خان تقاضای ثبت یک قطعه زمین مزروعی واقع در حومه تهران را نموده است.

۵۴۹۸ — اینجانب مالک ششدانگ یکباب خانه واقع در خیابان شاه آباد تقاضای ثبت نموده ام و پلاک مزبور واقع در حوزه ثبت تهران است.

۵۴۹۹ — آقای محمد حسن خان تقاضای ثبت ششدانگ یکباب دکان واقع در بازار بزرگ تهران را نموده است.

۵۵۰۰ — الی ۵۵۰۲ — ثبت شده

۵۵۰۳ — آقای میرزا عبدالله خان تقاضای ثبت یک قطعه زمین محصور واقع در خیابان ناصریه نموده است.

۵۵۰۴ — خانم فاطمه بیگم ششدانگ یکباب خانه واقع در محله سنگلج که حدود آن شمالا به کوچه و جنوبا به خانه مجاور محدود است.

۵۵۰۵ — الی ۵۵۰۸ — درجریان است

۵۵۰۹ — آقای حاج علی اکبر تاجر تقاضای ثبت ششدانگ یک قطعه باغ واقع در شمیران را نموده است.

۵۵۱۰ — آقای سید جواد تقاضای ثبت سه دانگ مشاع از ششدانگ یکباب خانه واقع در خیابان چراغ برق نموده است.

۵۵۱۱ — آقای میرزا حسین خان تقاضای ثبت ششدانگ یکباب حمام واقع در محله عودلاجان را نموده است.

۵۵۱۲ — الی ۵۵۱۵ — اظهارنامه برگشته

۵۵۱۶ — آقای محمد تقی تقاضای ثبت یکباب کاروانسرا واقع در بازار امیر نموده است.

۵۵۱۷ — آقای حاج میرزا محمود خان تقاضای ثبت قطعه زمینی به مساحت تقریبی واقع در یوسف آباد را نموده است.

۵۴۹۹ — آقای محمد حسن خان تقاضای ثبت ششدانگ یکباب دکان واقع در بازار بزرگ تهران را نموده است.

۵۵۰۰ — الی ۵۵۰۲ — ثبت شده

۵۵۰۳ — آقای میرزا عبدالله خان تقاضای ثبت یک قطعه زمین محصور واقع در خیابان ناصریه نموده است.

۵۵۰۴ — خانم فاطمه بیگم ششدانگ یکباب خانه واقع در محله سنگلج که حدود آن شمالا به کوچه و جنوبا به خانه مجاور محدود است.

۵۵۰۵ — الی ۵۵۰۸ — درجریان است

۵۵۰۹ — آقای حاج علی اکبر تاجر تقاضای ثبت ششدانگ یک قطعه باغ واقع در شمیران را نموده است.

۵۵۱۰ — آقای سید جواد تقاضای ثبت سه دانگ مشاع از ششدانگ یکباب خانه واقع در خیابان چراغ برق نموده است.

۵۵۱۱ — آقای میرزا حسین خان تقاضای ثبت ششدانگ یکباب حمام واقع در محله عودلاجان را نموده است.

۵۵۱۲ — الی ۵۵۱۵ — اظهارنامه برگشته

۵۵۱۶ — آقای محمد تقی تقاضای ثبت یکباب کاروانسرا واقع در بازار امیر نموده است.

۵۵۱۷ — آقای حاج میرزا محمود خان تقاضای ثبت قطعه زمینی به مساحت تقریبی واقع در یوسف آباد را نموده است.

۵۵۱۸ — الی ۵۵۲۰ — ثبت شده

۵۵۲۱ — آقای عبدالحسین خان تقاضای ثبت ششدانگ یکباب خانه واقع در خیابان لاله زار را نموده است.

۵۵۲۲ — بانو ربابه خانم تقاضای ثبت دو دانگ مشاع از یکباب دکان واقع در خیابان ری را نموده است.

۵۵۲۳ — آقای میرزا علی اصغر تقاضای ثبت یک قطعه زمین واقع در خیابان امیریه را نموده است.

۵۵۲۴ — الی ۵۵۲۷ — اعلان شده

۵۵۲۸ — آقای حاج حسن آقا تقاضای ثبت ششدانگ یکباب خانه با کلیه متعلقات واقع در محله چاله میدان را نموده است.

۵۵۲۹ — آقای سید مهدی تقاضای ثبت یکباب دکان واقع در بازار کفاشها را نموده است.

۵۵۳۰ — الی ۵۵۳۳ — درجریان است

۵۵۳۴ — آقای محمد رضا خان تقاضای ثبت ششدانگ یکباب خانه واقع در کوچه مستوفی را نموده است.

۵۵۳۵ — آقای میرزا احمد خان تقاضای ثبت یک قطعه زمین مزروعی واقع در حومه تهران را نموده است.

۵۴۹۸ — اینجانب مالک ششدانگ یکباب خانه واقع در خیابان شاه آباد تقاضای ثبت نموده ام و پلاک مزبور واقع در حوزه ثبت تهران است.

۵۴۹۹ — آقای محمد حسن خان تقاضای ثبت ششدانگ یکباب دکان واقع در بازار بزرگ تهران را نموده است.

۵۵۰۰ — الی ۵۵۰۲ — ثبت شده

۵۵۰۳ — آقای میرزا عبدالله خان تقاضای ثبت یک قطعه زمین محصور واقع در خیابان ناصریه نموده است.

۵۵۰۴ — خانم فاطمه بیگم ششدانگ یکباب خانه واقع در محله سنگلج که حدود آن شمالا به کوچه و جنوبا به خانه مجاور محدود است.

۵۵۰۵ — الی ۵۵۰۸ — درجریان است

۵۵۰۹ — آقای حاج علی اکبر تاجر تقاضای ثبت ششدانگ یک قطعه باغ واقع در شمیران را نموده است.

۵۵۱۰ — آقای سید جواد تقاضای ثبت سه دانگ مشاع از ششدانگ یکباب خانه واقع در خیابان چراغ برق نموده است.

۵۵۱۱ — آقای میرزا حسین خان تقاضای ثبت ششدانگ یکباب حمام واقع در محله عودلاجان را نموده است.

۵۵۱۲ — الی ۵۵۱۵ — اظهارنامه برگشته

۵۵۱۶ — آقای محمد تقی تقاضای ثبت یکباب کاروانسرا واقع در بازار امیر نموده است.

۵۵۱۷ — آقای حاج میرزا محمود خان تقاضای ثبت قطعه زمینی به مساحت تقریبی واقع در یوسف آباد را نموده است.

۵۵۱۸ — الی ۵۵۲۰ — ثبت شده

۵۵۲۱ — آقای عبدالحسین خان تقاضای ثبت ششدانگ یکباب خانه واقع در خیابان لاله زار را نموده است.

۵۵۲۲ — بانو ربابه خانم تقاضای ثبت دو دانگ مشاع از یکباب دکان واقع در خیابان ری را نموده است.

۵۵۲۳ — آقای میرزا علی اصغر تقاضای ثبت یک قطعه زمین واقع در خیابان امیریه را نموده است.

۵۵۲۴ — الی ۵۵۲۷ — اعلان شده

۵۵۲۸ — آقای حاج حسن آقا تقاضای ثبت ششدانگ یکباب خانه با کلیه متعلقات واقع در محله چاله میدان را نموده است.

۵۵۲۹ — آقای سید مهدی تقاضای ثبت یکباب دکان واقع در بازار کفاشها را نموده است.

۵۵۳۰ — الی ۵۵۳۳ — درجریان است

۵۵۳۴ — آقای محمد رضا خان تقاضای ثبت ششدانگ یکباب خانه واقع در کوچه مستوفی را نموده است.

۵۵۳۵ — آقای میرزا احمد خان تقاضای ثبت یک قطعه زمین مزروعی واقع در حومه تهران را نموده است.

۵۴۹۸ — اینجانب مالک ششدانگ یکباب خانه واقع در خیابان شاه آباد تقاضای ثبت نموده ام و پلاک مزبور واقع در حوزه ثبت تهران است.

۵۴۹۹ — آقای محمد حسن خان تقاضای ثبت ششدانگ یکباب دکان واقع در بازار بزرگ تهران را نموده است.

۵۵۰۰ — الی ۵۵۰۲ — ثبت شده

۵۵۰۳ — آقای میرزا عبدالله خان تقاضای ثبت یک قطعه زمین محصور واقع در خیابان ناصریه نموده است.

۵۵۰۴ — خانم فاطمه بیگم ششدانگ یکباب خانه واقع در محله سنگلج که حدود آن شمالا به کوچه و جنوبا به خانه مجاور محدود است.

۵۵۰۵ — الی ۵۵۰۸ — درجریان است

۵۵۰۹ — آقای حاج علی اکبر تاجر تقاضای ثبت ششدانگ یک قطعه باغ واقع در شمیران را نموده است.

۵۵۱۰ — آقای سید جواد تقاضای ثبت سه دانگ مشاع از ششدانگ یکباب خانه واقع در خیابان چراغ برق نموده است.

۵۵۱۱ — آقای میرزا حسین خان تقاضای ثبت ششدانگ یکباب حمام واقع در محله عودلاجان را نموده است.

۵۵۱۲ — الی ۵۵۱۵ — اظهارنامه برگشته

۵۵۱۶ — آقای محمد تقی تقاضای ثبت یکباب کاروانسرا واقع در بازار امیر نموده است.

۵۵۱۷ — آقای حاج میرزا محمود خان تقاضای ثبت قطعه زمینی به مساحت تقریبی واقع در یوسف آباد را نموده است.

۵۵۱۸ — الی ۵۵۲۰ — ثبت شده

۵۵۲۱ — آقای عبدالحسین خان تقاضای ثبت ششدانگ یکباب خانه واقع در خیابان لاله زار را نموده است.

۵۵۲۲ — بانو ربابه خانم تقاضای ثبت دو دانگ مشاع از یکباب دکان واقع در خیابان ری را نموده است.

۵۵۲۳ — آقای میرزا علی اصغر تقاضای ثبت یک قطعه زمین واقع در خیابان امیریه را نموده است.

۵۵۲۴ — الی ۵۵۲۷ — اعلان شده

۵۵۱۰ — آقای سید جواد تقاضای ثبت سه دانگ مشاع از ششدانگ یکباب خانه واقع در خیابان چراغ برق نموده است.

۵۵۱۱ — آقای میرزا حسین خان تقاضای ثبت ششدانگ یکباب حمام واقع در محله عودلاجان را نموده است.

۵۵۱۲ — الی ۵۵۱۵ — اظهارنامه برگشته

۵۵۱۶ — آقای محمد تقی تقاضای ثبت یکباب کاروانسرا واقع در بازار امیر نموده است.

۵۵۱۷ — آقای حاج میرزا محمود خان تقاضای ثبت قطعه زمینی به مساحت تقریبی واقع در یوسف آباد را نموده است.

۵۵۱۸ — الی ۵۵۲۰ — ثبت شده

۵۵۲۱ — آقای عبدالحسین خان تقاضای ثبت ششدانگ یکباب خانه واقع در خیابان لاله زار را نموده است.

۵۵۲۲ — بانو ربابه خانم تقاضای ثبت دو دانگ مشاع از یکباب دکان واقع در خیابان ری را نموده است.

۵۵۲۳ — آقای میرزا علی اصغر تقاضای ثبت یک قطعه زمین واقع در خیابان امیریه را نموده است.

۵۵۲۴ — الی ۵۵۲۷ — اعلان شده

۵۵۲۸ — آقای حاج حسن آقا تقاضای ثبت ششدانگ یکباب خانه با کلیه متعلقات واقع در محله چاله میدان را نموده است.

۵۵۲۹ — آقای سید مهدی تقاضای ثبت یکباب دکان واقع در بازار کفاشها را نموده است.

۵۵۳۰ — الی ۵۵۳۳ — درجریان است

۵۵۳۴ — آقای محمد رضا خان تقاضای ثبت ششدانگ یکباب خانه واقع در کوچه مستوفی را نموده است.

۵۵۳۵ — آقای میرزا احمد خان تقاضای ثبت یک قطعه زمین مزروعی واقع در حومه تهران را نموده است.

۵۴۹۸ — اینجانب مالک ششدانگ یکباب خانه واقع در خیابان شاه آباد تقاضای ثبت نموده ام و پلاک مزبور واقع در حوزه ثبت تهران است.

۵۴۹۹ — آقای محمد حسن خان تقاضای ثبت ششدانگ یکباب دکان واقع در بازار بزرگ تهران را نموده است.

۵۵۰۰ — الی ۵۵۰۲ — ثبت شده

۵۵۰۳ — آقای میرزا عبدالله خان تقاضای ثبت یک قطعه زمین محصور واقع در خیابان ناصریه نموده است.

۵۵۰۴ — خانم فاطمه بیگم ششدانگ یکباب خانه واقع در محله سنگلج که حدود آن شمالا به کوچه و جنوبا به خانه مجاور محدود است.

۵۵۰۵ — الی ۵۵۰۸ — درجریان است

۵۵۰۹ — آقای حاج علی اکبر تاجر تقاضای ثبت ششدانگ یک قطعه باغ واقع در شمیران را نموده است.

۵۵۱۰ — آقای سید جواد تقاضای ثبت سه دانگ مشاع از ششدانگ یکباب خانه واقع در خیابان چراغ برق نموده است.

۵۵۱۱ — آقای میرزا حسین خان تقاضای ثبت ششدانگ یکباب حمام واقع در محله عودلاجان را نموده است.

۵۵۱۲ — الی ۵۵۱۵ — اظهارنامه برگشته

۵۵۱۶ — آقای محمد تقی تقاضای ثبت یکباب کاروانسرا واقع در بازار امیر نموده است.

۵۵۱۷ — آقای حاج میرزا محمود خان تقاضای ثبت قطعه زمینی به مساحت تقریبی واقع در یوسف آباد را نموده است.

۵۵۱۸ — الی ۵۵۲۰ — ثبت شده

۵۵۲۱ — آقای عبدالحسین خان تقاضای ثبت ششدانگ یکباب خانه واقع در خیابان لاله زار را نموده است.

۵۵۲۲ — بانو ربابه خانم تقاضای ثبت دو دانگ مشاع از یکباب دکان واقع در خیابان ری را نموده است.

۵۵۲۳ — آقای میرزا علی اصغر تقاضای ثبت یک قطعه زمین واقع در خیابان امیریه را نموده است.

۵۵۲۴ — الی ۵۵۲۷ — اعلان شده

۵۵۲۸ — آقای حاج حسن آقا تقاضای ثبت ششدانگ یکباب خانه با کلیه متعلقات واقع در محله چاله میدان را نموده است.

۵۵۲۹ — آقای سید مهدی تقاضای ثبت یکباب دکان واقع در بازار کفاشها را نموده است.

۵۵۳۰ — الی ۵۵۳۳ — درجریان است

۵۵۳۴ — آقای محمد رضا خان تقاضای ثبت ششدانگ یکباب خانه واقع در کوچه مستوفی را نموده است.

۵۵۳۵ — آقای میرزا احمد خان تقاضای ثبت یک قطعه زمین مزروعی واقع در حومه تهران را نموده است.

۵۴۹۸ — اینجانب مالک ششدانگ یکباب خانه واقع در خیابان شاه آباد تقاضای ثبت نموده ام و پلاک مزبور واقع در حوزه ثبت تهران است.

۵۴۹۹ — آقای محمد حسن خان تقاضای ثبت ششدانگ یکباب دکان واقع در بازار بزرگ تهران را نموده است.

۵۵۰۰ — الی ۵۵۰۲ — ثبت شده

۵۵۰۳ — آقای میرزا عبدالله خان تقاضای ثبت یک قطعه زمین محصور واقع در خیابان ناصریه نموده است.

۵۵۰۴ — خانم فاطمه بیگم ششدانگ یکباب خانه واقع در محله سنگلج که حدود آن شمالا به کوچه و جنوبا به خانه مجاور محدود است.

۵۵۰۵ — الی ۵۵۰۸ — درجریان است

۵۵۰۹ — آقای حاج علی اکبر تاجر تقاضای ثبت ششدانگ یک قطعه باغ واقع در شمیران را نموده است.

۵۵۱۰ — آقای سید جواد تقاضای ثبت سه دانگ مشاع از ششدانگ یکباب خانه واقع در خیابان چراغ برق نموده است.

۵۵۱۱ — آقای میرزا حسین خان تقاضای ثبت ششدانگ یکباب حمام واقع در محله عودلاجان را نموده است.

۵۵۱۲ — الی ۵۵۱۵ — اظهارنامه برگشته

۵۵۱۶ — آقای محمد تقی تقاضای ثبت یکباب کاروانسرا واقع در بازار امیر نموده است.

۵۵۱۷ — آقای حاج میرزا محمود خان تقاضای ثبت قطعه زمینی به مساحت تقریبی واقع در یوسف آباد را نموده است.

۵۵۱۸ — الی ۵۵۲۰ — ثبت شده

۵۵۲۱ — آقای عبدالحسین خان تقاضای ثبت ششدانگ یکباب خانه واقع در خیابان لاله زار را نموده است.

۵۵۲۲ — بانو ربابه خانم تقاضای ثبت دو دانگ مشاع از یکباب دکان واقع در خیابان ری را نموده است.

۵۵۲۳ — آقای میرزا علی اصغر تقاضای ثبت یک قطعه زمین واقع در خیابان امیریه را نموده است.

۵۵۲۴ — الی ۵۵۲۷ — اعلان شده

۵۵۲۸ — آقای حاج حسن آقا تقاضای ثبت ششدانگ یکباب خانه با کلیه متعلقات واقع در محله چاله میدان را نموده است.

۵۵۲۹ — آقای سید مهدی تقاضای ثبت یکباب دکان واقع در بازار کفاشها را نموده است.

۵۵۳۰ — الی ۵۵۳۳ — درجریان است

۵۵۳۴ — آقای محمد رضا خان تقاضای ثبت ششدانگ یکباب خانه واقع در کوچه مستوفی را نموده است.

۵۵۳۵ — آقای میرزا احمد خان تقاضای ثبت یک قطعه زمین مزروعی واقع در حومه تهران را نموده است.

۵۴۹۸ — اینجانب مالک ششدانگ یکباب خانه واقع در خیابان شاه آباد تقاضای ثبت نموده ام و پلاک مزبور واقع در حوزه ثبت تهران است.

۵۵۲۱ — آقای عبدالحسین خان تقاضای ثبت ششدانگ یکباب خانه واقع در خیابان لاله زار را نموده است.

۵۵۲۲ — بانو ربابه خانم تقاضای ثبت دو دانگ مشاع از یکباب دکان واقع در خیابان ری را نموده است.

۵۵۲۳ — آقای میرزا علی اصغر تقاضای ثبت یک قطعه زمین واقع در خیابان امیریه را نموده است.

۵۵۲۴ — الی ۵۵۲۷ — اعلان شده

۵۵۲۸ — آقای حاج حسن آقا تقاضای ثبت ششدانگ یکباب خانه با کلیه متعلقات واقع در محله چاله میدان را نموده است.

۵۵۲۹ — آقای سید مهدی تقاضای ثبت یکباب دکان واقع در بازار کفاشها را نموده است.

۵۵۳۰ — الی ۵۵۳۳ — درجریان است

۵۵۳۴ — آقای محمد رضا خان تقاضای ثبت ششدانگ یکباب خانه واقع در کوچه مستوفی را نموده است.

۵۵۳۵ — آقای میرزا احمد خان تقاضای ثبت یک قطعه زمین مزروعی واقع در حومه تهران را نموده است.

۵۴۹۸ — اینجانب مالک ششدانگ یکباب خانه واقع در خیابان شاه آباد تقاضای ثبت نموده ام و پلاک مزبور واقع در حوزه ثبت تهران است.

۵۴۹۹ — آقای محمد حسن خان تقاضای ثبت ششدانگ یکباب دکان واقع در بازار بزرگ تهران را نموده است.

۵۵۰۰ — الی ۵۵۰۲ — ثبت شده

۵۵۰۳ — آقای میرزا عبدالله خان تقاضای ثبت یک قطعه زمین محصور واقع در خیابان ناصریه نموده است.

۵۵۰۴ — خانم فاطمه بیگم ششدانگ یکباب خانه واقع در محله سنگلج که حدود آن شمالا به کوچه و جنوبا به خانه مجاور محدود است.

۵۵۰۵ — الی ۵۵۰۸ — درجریان است

۵۵۰۹ — آقای حاج علی اکبر تاجر تقاضای ثبت ششدانگ یک قطعه باغ واقع در شمیران را نموده است.

۵۵۱۰ — آقای سید جواد تقاضای ثبت سه دانگ مشاع از ششدانگ یکباب خانه واقع در خیابان چراغ برق نموده است.

۵۵۱۱ — آقای میرزا حسین خان تقاضای ثبت ششدانگ یکباب حمام واقع در محله عودلاجان را نموده است.

۵۵۱۲ — الی ۵۵۱۵ — اظهارنامه برگشته

۵۵۱۶ — آقای محمد تقی تقاضای ثبت یکباب کاروانسرا واقع در بازار امیر نموده است.

۵۵۱۷ — آقای حاج میرزا محمود خان تقاضای ثبت قطعه زمینی به مساحت تقریبی واقع در یوسف آباد را نموده است.

۵۵۱۸ — الی ۵۵۲۰ — ثبت شده

۵۵۲۱ — آقای عبدالحسین خان تقاضای ثبت ششدانگ یکباب خانه واقع در خیابان لاله زار را نموده است.

۵۵۲۲ — بانو ربابه خانم تقاضای ثبت دو دانگ مشاع از یکباب دکان واقع در خیابان ری را نموده است.

۵۵۲۳ — آقای میرزا علی اصغر تقاضای ثبت یک قطعه زمین واقع در خیابان امیریه را نموده است.

۵۵۲۴ — الی ۵۵۲۷ — اعلان شده

۵۵۲۸ — آقای حاج حسن آقا تقاضای ثبت ششدانگ یکباب خانه با کلیه متعلقات واقع در محله چاله میدان را نموده است.

۵۵۲۹ — آقای سید مهدی تقاضای ثبت یکباب دکان واقع در بازار کفاشها را نموده است.

۵۵۳۰ — الی ۵۵۳۳ — درجریان است

۵۵۳۴ — آقای محمد رضا خان تقاضای ثبت ششدانگ یکباب خانه واقع در کوچه مستوفی را نموده است.

۵۵۳۵ — آقای میرزا احمد خان تقاضای ثبت یک قطعه زمین مزروعی واقع در حومه تهران را نموده است.

۵۴۹۸ — اینجانب مالک ششدانگ یکباب خانه واقع در خیابان شاه آباد تقاضای ثبت نموده ام و پلاک مزبور واقع در حوزه ثبت تهران است.

۵۴۹۹ — آقای محمد حسن خان تقاضای ثبت ششدانگ یکباب دکان واقع در بازار بزرگ تهران را نموده است.

۵۵۰۰ — الی ۵۵۰۲ — ثبت شده

۵۵۰۳ — آقای میرزا عبدالله خان تقاضای ثبت یک قطعه زمین محصور واقع در خیابان ناصریه نموده است.

۵۵۰۴ — خانم فاطمه بیگم ششدانگ یکباب خانه واقع در محله سنگلج که حدود آن شمالا به کوچه و جنوبا به خانه مجاور محدود است.

۵۵۰۵ — الی ۵۵۰۸ — درجریان است

۵۵۰۹ — آقای حاج علی اکبر تاجر تقاضای ثبت ششدانگ یک قطعه باغ واقع در شمیران را نموده است.

۵۵۱۰ — آقای سید جواد تقاضای ثبت سه دانگ مشاع از ششدانگ یکباب خانه واقع در خیابان چراغ برق نموده است.

۵۵۱۱ — آقای میرزا حسین خان تقاضای ثبت ششدانگ یکباب حمام واقع در محله عودلاجان را نموده است.

۵۵۱۲ — الی ۵۵۱۵ — اظهارنامه برگشته

۵۵۱۶ — آقای محمد تقی تقاضای ثبت یکباب کاروانسرا واقع در بازار امیر نموده است.

۵۵۱۷ — آقای حاج میرزا محمود خان تقاضای ثبت قطعه زمینی به مساحت تقریبی واقع در یوسف آباد را نموده است.

۵۵۱۸ — الی ۵۵۲۰ — ثبت شده

۵۵۲۱ — آقای عبدالحسین خان تقاضای ثبت ششدانگ یکباب خانه واقع در خیابان لاله زار را نموده است.

۵۵۲۲ — بانو ربابه خانم تقاضای ثبت دو دانگ مشاع از یکباب دکان واقع در خیابان ری را نموده است.

۵۵۲۳ — آقای میرزا علی اصغر تقاضای ثبت یک قطعه زمین واقع در خیابان امیریه را نموده است.

۵۵۲۴ — الی ۵۵۲۷ — اعلان شده

۵۵۲۸ — آقای حاج حسن آقا تقاضای ثبت ششدانگ یکباب خانه با کلیه متعلقات واقع در محله چاله میدان را نموده است.

۵۵۲۹ — آقای سید مهدی تقاضای ثبت یکباب دکان واقع در بازار کفاشها را نموده است.

۵۵۳۰ — الی ۵۵۳۳ — درجریان است

۵۵۳۴ — آقای محمد رضا خان تقاضای ثبت ششدانگ یکباب خانه واقع در کوچه مستوفی را نموده است.

۵۵۳۵ — آقای میرزا احمد خان تقاضای ثبت یک قطعه زمین مزروعی واقع در حومه تهران را نموده است.

۵۴۹۸ — اینجانب مالک ششدانگ یکباب خانه واقع در خیابان شاه آباد تقاضای ثبت نموده ام و پلاک مزبور واقع در حوزه ثبت تهران است.

۵۴۹۹ — آقای محمد حسن خان تقاضای ثبت ششدانگ یکباب دکان واقع در بازار بزرگ تهران را نموده است.

۵۵۰۰ — الی ۵۵۰۲ — ثبت شده

۵۵۰۳ — آقای میرزا عبدالله خان تقاضای ثبت یک قطعه زمین محصور واقع در خیابان ناصریه نموده است.

۵۵۰۴ — خانم فاطمه بیگم ششدانگ یکباب خانه واقع در محله سنگلج که حدود آن شمالا به کوچه و جنوبا به خانه مجاور محدود است.

۵۵۰۵ — الی ۵۵۰۸ — درجریان است

۵۵۰۹ — آقای حاج علی اکبر تاجر تقاضای ثبت ششدانگ یک قطعه باغ واقع در شمیران را نموده است.
